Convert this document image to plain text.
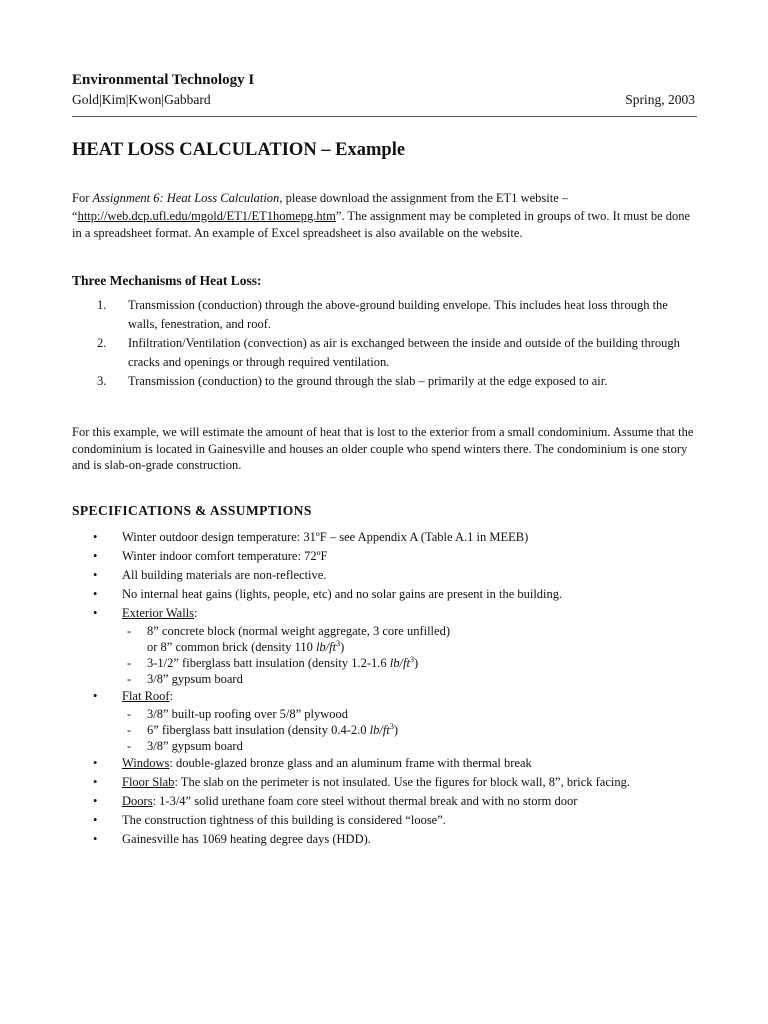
Environmental Technology I
Gold|Kim|Kwon|Gabbard	Spring, 2003
HEAT LOSS CALCULATION – Example
For Assignment 6: Heat Loss Calculation, please download the assignment from the ET1 website – “http://web.dcp.ufl.edu/mgold/ET1/ET1homepg.htm”. The assignment may be completed in groups of two. It must be done in a spreadsheet format. An example of Excel spreadsheet is also available on the website.
Three Mechanisms of Heat Loss:
1. Transmission (conduction) through the above-ground building envelope. This includes heat loss through the walls, fenestration, and roof.
2. Infiltration/Ventilation (convection) as air is exchanged between the inside and outside of the building through cracks and openings or through required ventilation.
3. Transmission (conduction) to the ground through the slab – primarily at the edge exposed to air.
For this example, we will estimate the amount of heat that is lost to the exterior from a small condominium. Assume that the condominium is located in Gainesville and houses an older couple who spend winters there. The condominium is one story and is slab-on-grade construction.
SPECIFICATIONS & ASSUMPTIONS
• Winter outdoor design temperature: 31ºF – see Appendix A (Table A.1 in MEEB)
• Winter indoor comfort temperature: 72ºF
• All building materials are non-reflective.
• No internal heat gains (lights, people, etc) and no solar gains are present in the building.
• Exterior Walls:
- 8” concrete block (normal weight aggregate, 3 core unfilled)
or 8” common brick (density 110 $lb/ft^3$)
- 3-1/2” fiberglass batt insulation (density 1.2-1.6 $lb/ft^3$)
- 3/8” gypsum board
• Flat Roof:
- 3/8” built-up roofing over 5/8” plywood
- 6” fiberglass batt insulation (density 0.4-2.0 $lb/ft^3$)
- 3/8” gypsum board
• Windows: double-glazed bronze glass and an aluminum frame with thermal break
• Floor Slab: The slab on the perimeter is not insulated. Use the figures for block wall, 8”, brick facing.
• Doors: 1-3/4” solid urethane foam core steel without thermal break and with no storm door
• The construction tightness of this building is considered “loose”.
• Gainesville has 1069 heating degree days (HDD).
